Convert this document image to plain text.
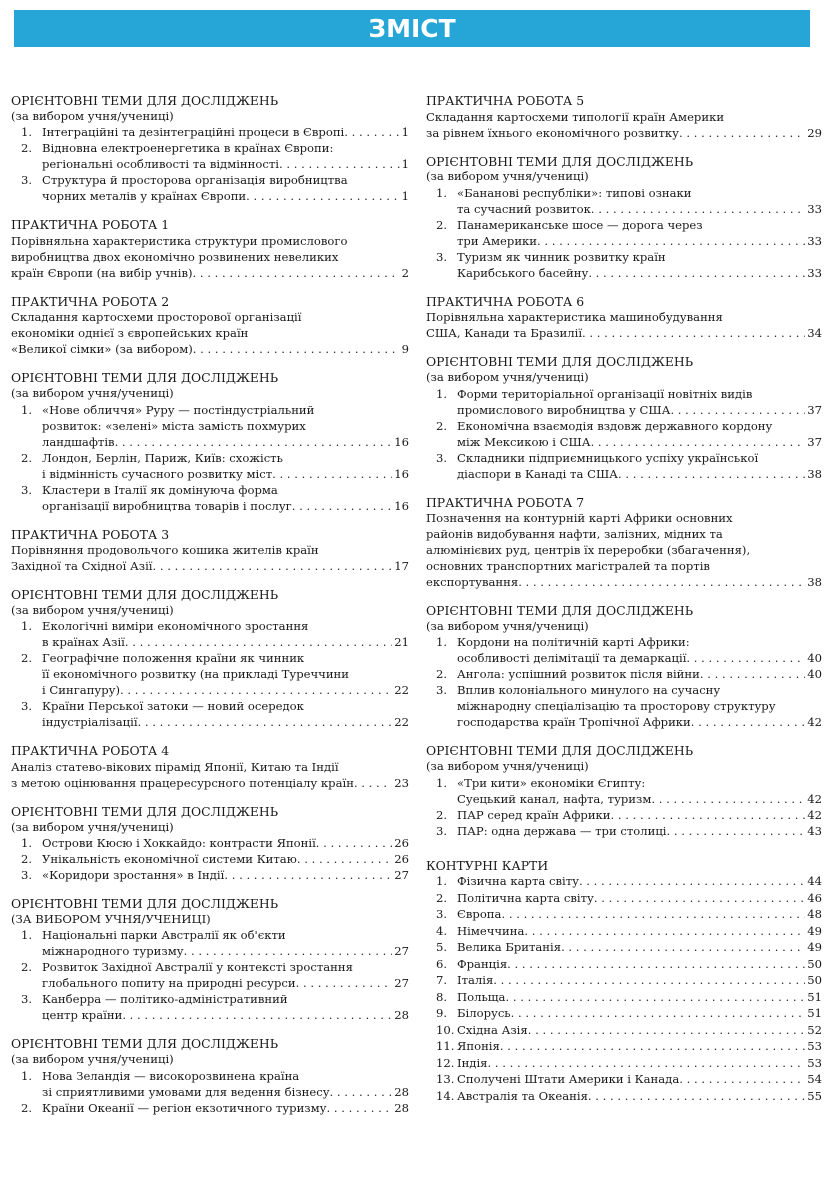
ЗМІСТ
ОРІЄНТОВНІ ТЕМИ ДЛЯ ДОСЛІДЖЕНЬ
(за вибором учня/учениці)
1. Інтеграційні та дезінтеграційні процеси в Європі . . .	1
2. Відновна електроенергетика в країнах Європи:
регіональні особливості та відмінності . . .	1
3. Структура й просторова організація виробництва
чорних металів у країнах Європи . . .	1
ПРАКТИЧНА РОБОТА 1
Порівняльна характеристика структури промислового
виробництва двох економічно розвинених невеликих
країн Європи (на вибір учнів) . . .	2
ПРАКТИЧНА РОБОТА 2
Складання картосхеми просторової організації
економіки однієї з європейських країн
«Великої сімки» (за вибором) . . .	9
ОРІЄНТОВНІ ТЕМИ ДЛЯ ДОСЛІДЖЕНЬ
(за вибором учня/учениці)
1. «Нове обличчя» Руру — постіндустріальний
розвиток: «зелені» міста замість похмурих
ландшафтів . . .	16
2. Лондон, Берлін, Париж, Київ: схожість
і відмінність сучасного розвитку міст . . .	16
3. Кластери в Італії як домінуюча форма
організації виробництва товарів і послуг . . .	16
ПРАКТИЧНА РОБОТА 3
Порівняння продовольчого кошика жителів країн
Західної та Східної Азії . . .	17
ОРІЄНТОВНІ ТЕМИ ДЛЯ ДОСЛІДЖЕНЬ
(за вибором учня/учениці)
1. Екологічні виміри економічного зростання
в країнах Азії . . .	21
2. Географічне положення країни як чинник
її економічного розвитку (на прикладі Туреччини
і Сингапуру) . . .	22
3. Країни Перської затоки — новий осередок
індустріалізації . . .	22
ПРАКТИЧНА РОБОТА 4
Аналіз статево-вікових пірамід Японії, Китаю та Індії
з метою оцінювання працересурсного потенціалу країн . . .	23
ОРІЄНТОВНІ ТЕМИ ДЛЯ ДОСЛІДЖЕНЬ
(за вибором учня/учениці)
1. Острови Кюсю і Хоккайдо: контрасти Японії . . .	26
2. Унікальність економічної системи Китаю . . .	26
3. «Коридори зростання» в Індії . . .	27
ОРІЄНТОВНІ ТЕМИ ДЛЯ ДОСЛІДЖЕНЬ
(ЗА ВИБОРОМ УЧНЯ/УЧЕНИЦІ)
1. Національні парки Австралії як об'єкти
міжнародного туризму . . .	27
2. Розвиток Західної Австралії у контексті зростання
глобального попиту на природні ресурси . . .	27
3. Канберра — політико-адміністративний
центр країни . . .	28
ОРІЄНТОВНІ ТЕМИ ДЛЯ ДОСЛІДЖЕНЬ
(за вибором учня/учениці)
1. Нова Зеландія — високорозвинена країна
зі сприятливими умовами для ведення бізнесу . . .	28
2. Країни Океанії — регіон екзотичного туризму . . .	28
ПРАКТИЧНА РОБОТА 5
Складання картосхеми типології країн Америки
за рівнем їхнього економічного розвитку . . .	29
ОРІЄНТОВНІ ТЕМИ ДЛЯ ДОСЛІДЖЕНЬ
(за вибором учня/учениці)
1. «Бананові республіки»: типові ознаки
та сучасний розвиток . . .	33
2. Панамериканське шосе — дорога через
три Америки . . .	33
3. Туризм як чинник розвитку країн
Карибського басейну . . .	33
ПРАКТИЧНА РОБОТА 6
Порівняльна характеристика машинобудування
США, Канади та Бразилії . . .	34
ОРІЄНТОВНІ ТЕМИ ДЛЯ ДОСЛІДЖЕНЬ
(за вибором учня/учениці)
1. Форми територіальної організації новітніх видів
промислового виробництва у США . . .	37
2. Економічна взаємодія вздовж державного кордону
між Мексикою і США . . .	37
3. Складники підприємницького успіху української
діаспори в Канаді та США . . .	38
ПРАКТИЧНА РОБОТА 7
Позначення на контурній карті Африки основних
районів видобування нафти, залізних, мідних та
алюмінієвих руд, центрів їх переробки (збагачення),
основних транспортних магістралей та портів
експортування . . .	38
ОРІЄНТОВНІ ТЕМИ ДЛЯ ДОСЛІДЖЕНЬ
(за вибором учня/учениці)
1. Кордони на політичній карті Африки:
особливості делімітації та демаркації . . .	40
2. Ангола: успішний розвиток після війни . . .	40
3. Вплив колоніального минулого на сучасну
міжнародну спеціалізацію та просторову структуру
господарства країн Тропічної Африки . . .	42
ОРІЄНТОВНІ ТЕМИ ДЛЯ ДОСЛІДЖЕНЬ
(за вибором учня/учениці)
1. «Три кити» економіки Єгипту:
Суецький канал, нафта, туризм . . .	42
2. ПАР серед країн Африки . . .	42
3. ПАР: одна держава — три столиці . . .	43
КОНТУРНІ КАРТИ
1. Фізична карта світу . . .	44
2. Політична карта світу . . .	46
3. Європа . . .	48
4. Німеччина . . .	49
5. Велика Британія . . .	49
6. Франція . . .	50
7. Італія . . .	50
8. Польща . . .	51
9. Білорусь . . .	51
10. Східна Азія . . .	52
11. Японія . . .	53
12. Індія . . .	53
13. Сполучені Штати Америки і Канада . . .	54
14. Австралія та Океанія . . .	55
